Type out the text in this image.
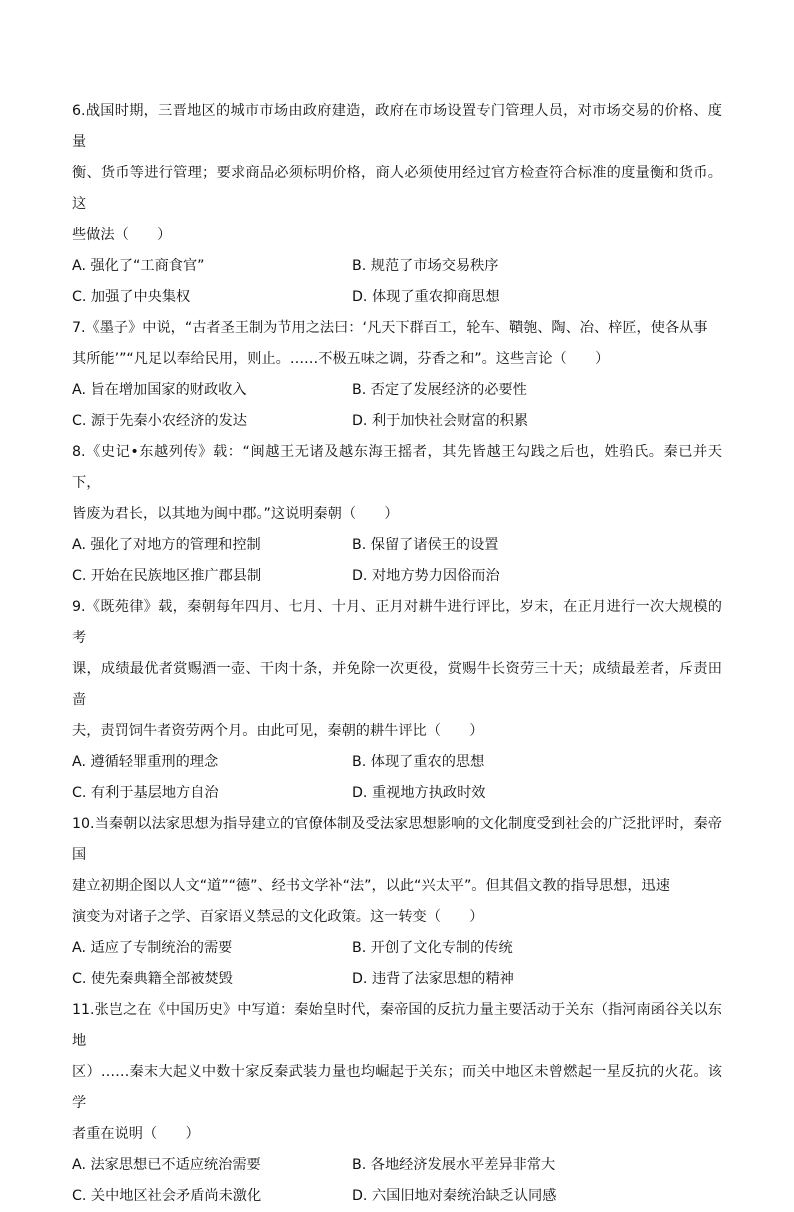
6.战国时期，三晋地区的城市市场由政府建造，政府在市场设置专门管理人员，对市场交易的价格、度量
衡、货币等进行管理；要求商品必须标明价格，商人必须使用经过官方检查符合标准的度量衡和货币。这
些做法（　　）
A. 强化了“工商食官”	B. 规范了市场交易秩序
C. 加强了中央集权	D. 体现了重农抑商思想
7.《墨子》中说，“古者圣王制为节用之法曰：‘凡天下群百工，轮车、鞼匏、陶、冶、梓匠，使各从事
其所能’”“凡足以奉给民用，则止。……不极五味之调，芬香之和”。这些言论（　　）
A. 旨在增加国家的财政收入	B. 否定了发展经济的必要性
C. 源于先秦小农经济的发达	D. 利于加快社会财富的积累
8.《史记•东越列传》载：“闽越王无诸及越东海王摇者，其先皆越王勾践之后也，姓驺氏。秦已并天下，
皆废为君长，以其地为闽中郡。”这说明秦朝（　　）
A. 强化了对地方的管理和控制	B. 保留了诸侯王的设置
C. 开始在民族地区推广郡县制	D. 对地方势力因俗而治
9.《既苑律》载，秦朝每年四月、七月、十月、正月对耕牛进行评比，岁末，在正月进行一次大规模的考
课，成绩最优者赏赐酒一壶、干肉十条，并免除一次更役，赏赐牛长资劳三十天；成绩最差者，斥责田啬
夫，责罚饲牛者资劳两个月。由此可见，秦朝的耕牛评比（　　）
A. 遵循轻罪重刑的理念	B. 体现了重农的思想
C. 有利于基层地方自治	D. 重视地方执政时效
10.当秦朝以法家思想为指导建立的官僚体制及受法家思想影响的文化制度受到社会的广泛批评时，秦帝国
建立初期企图以人文“道”“德”、经书文学补“法”，以此“兴太平”。但其倡文教的指导思想，迅速
演变为对诸子之学、百家语义禁忌的文化政策。这一转变（　　）
A. 适应了专制统治的需要	B. 开创了文化专制的传统
C. 使先秦典籍全部被焚毁	D. 违背了法家思想的精神
11.张岂之在《中国历史》中写道：秦始皇时代，秦帝国的反抗力量主要活动于关东（指河南函谷关以东地
区）……秦末大起义中数十家反秦武装力量也均崛起于关东；而关中地区未曾燃起一星反抗的火花。该学
者重在说明（　　）
A. 法家思想已不适应统治需要	B. 各地经济发展水平差异非常大
C. 关中地区社会矛盾尚未激化	D. 六国旧地对秦统治缺乏认同感
